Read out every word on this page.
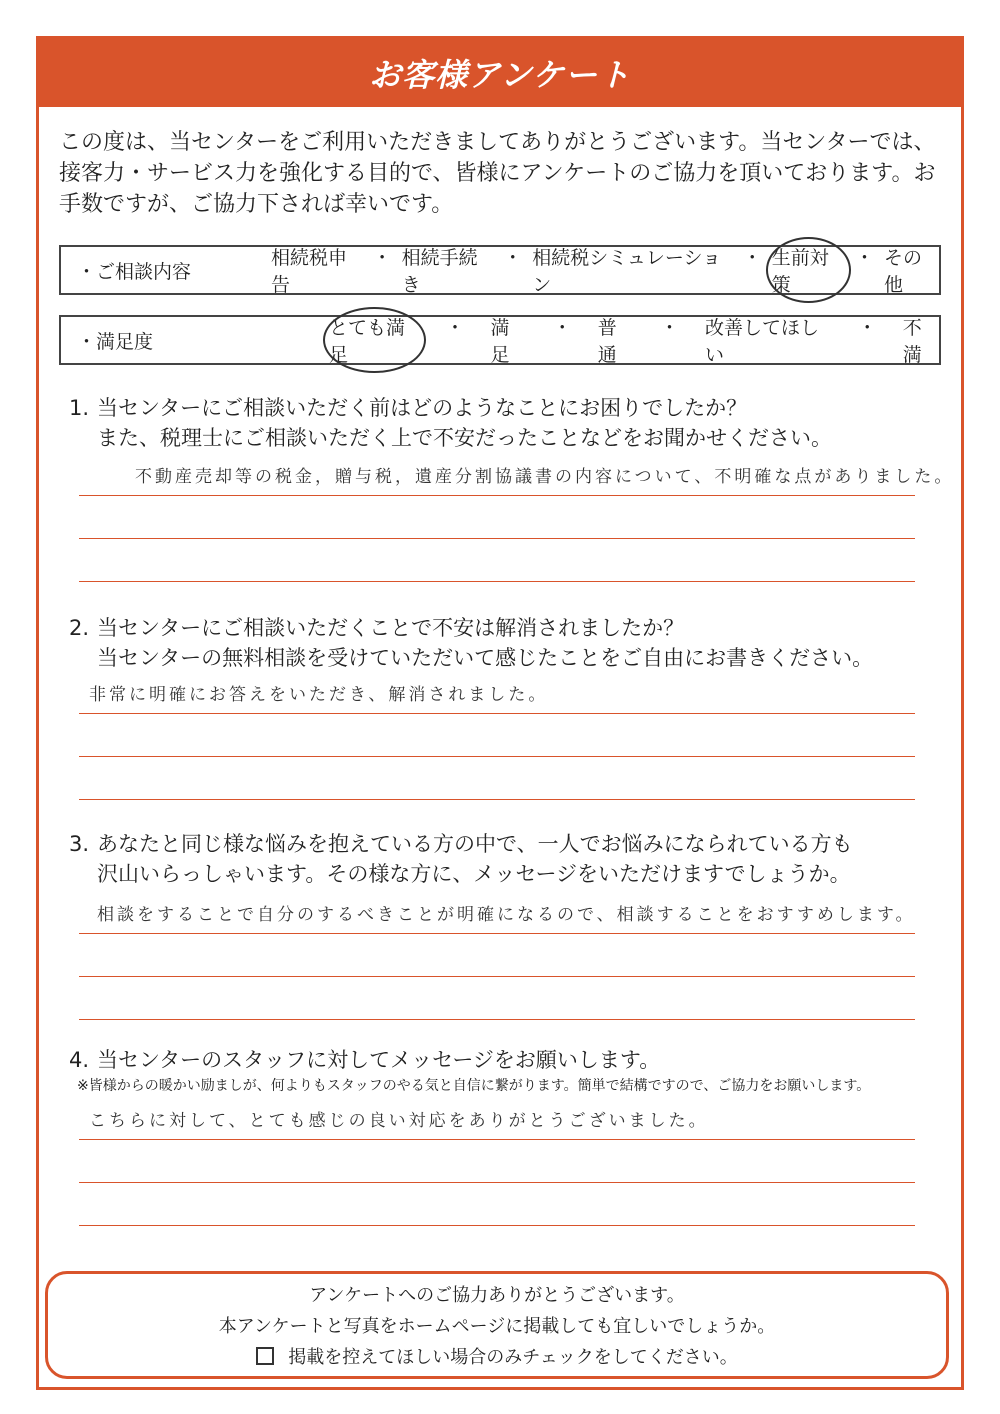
お客様アンケート
この度は、当センターをご利用いただきましてありがとうございます。当センターでは、接客力・サービス力を強化する目的で、皆様にアンケートのご協力を頂いております。お手数ですが、ご協力下されば幸いです。
・ご相談内容
相続税申告
・ 相続手続き
・ 相続税シミュレーション
・ 生前対策
・ その他
・満足度
とても満足
・ 満足
・ 普通
・ 改善してほしい
・ 不満
1. 当センターにご相談いただく前はどのようなことにお困りでしたか？
また、税理士にご相談いただく上で不安だったことなどをお聞かせください。
不動産売却等の税金，贈与税，遺産分割協議書の内容について、不明確な点がありました。
2. 当センターにご相談いただくことで不安は解消されましたか？
当センターの無料相談を受けていただいて感じたことをご自由にお書きください。
非常に明確にお答えをいただき、解消されました。
3. あなたと同じ様な悩みを抱えている方の中で、一人でお悩みになられている方も
沢山いらっしゃいます。その様な方に、メッセージをいただけますでしょうか。
相談をすることで自分のするべきことが明確になるので、相談することをおすすめします。
4. 当センターのスタッフに対してメッセージをお願いします。
※皆様からの暖かい励ましが、何よりもスタッフのやる気と自信に繋がります。簡単で結構ですので、ご協力をお願いします。
こちらに対して、とても感じの良い対応をありがとうございました。
アンケートへのご協力ありがとうございます。
本アンケートと写真をホームページに掲載しても宜しいでしょうか。
掲載を控えてほしい場合のみチェックをしてください。
